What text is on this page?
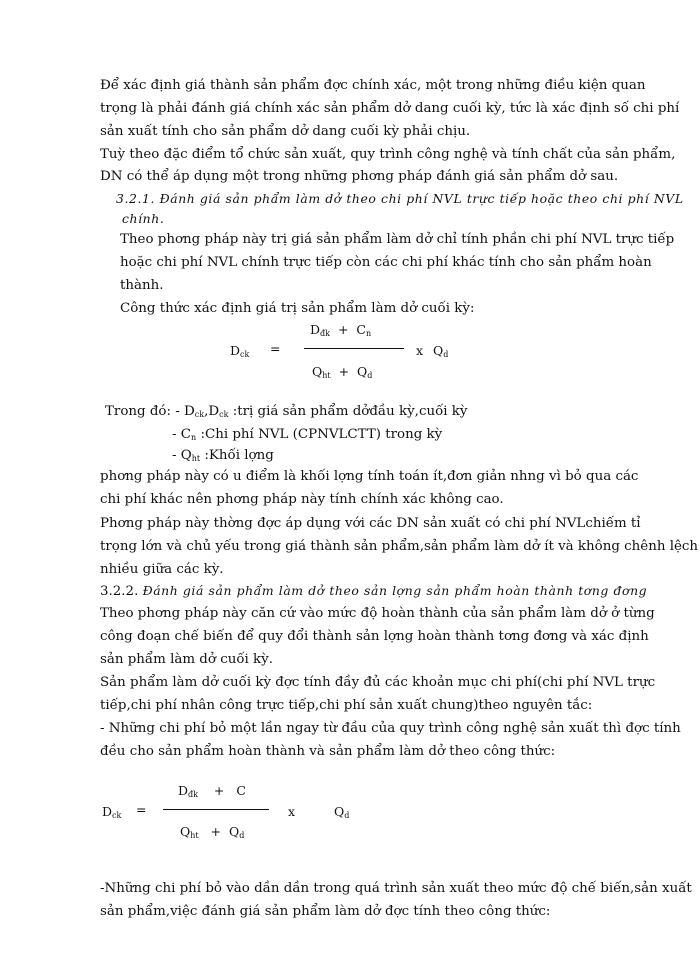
Để xác định giá thành sản phẩm đợc chính xác, một trong những điều kiện quan
trọng là phải đánh giá chính xác sản phẩm dở dang cuối kỳ, tức là xác định số chi phí
sản xuất tính cho sản phẩm dở dang cuối kỳ phải chịu.
Tuỳ theo đặc điểm tổ chức sản xuất, quy trình công nghệ và tính chất của sản phẩm,
DN có thể áp dụng một trong những phơng pháp đánh giá sản phẩm dở sau.
3.2.1. Đánh giá sản phẩm làm dở theo chi phí NVL trực tiếp hoặc theo chi phí NVL
chính.
Theo phơng pháp này trị giá sản phẩm làm dở chỉ tính phần chi phí NVL trực tiếp
hoặc chi phí NVL chính trực tiếp còn các chi phí khác tính cho sản phẩm hoàn
thành.
Công thức xác định giá trị sản phẩm làm dở cuối kỳ:
Dck =
Dđk + Cn
Qht + Qd
x Qd
Trong đó: - Dck,Dck :trị giá sản phẩm dởđầu kỳ,cuối kỳ
- Cn :Chi phí NVL (CPNVLCTT) trong kỳ
- Qht :Khối lợng
phơng pháp này có u điểm là khối lợng tính toán ít,đơn giản nhng vì bỏ qua các
chi phí khác nên phơng pháp này tính chính xác không cao.
Phơng pháp này thờng đợc áp dụng với các DN sản xuất có chi phí NVLchiếm tỉ
trọng lớn và chủ yếu trong giá thành sản phẩm,sản phẩm làm dở ít và không chênh lệch
nhiều giữa các kỳ.
3.2.2. Đánh giá sản phẩm làm dở theo sản lợng sản phẩm hoàn thành tơng đơng
Theo phơng pháp này căn cứ vào mức độ hoàn thành của sản phẩm làm dở ở từng
công đoạn chế biến để quy đổi thành sản lợng hoàn thành tơng đơng và xác định
sản phẩm làm dở cuối kỳ.
Sản phẩm làm dở cuối kỳ đợc tính đầy đủ các khoản mục chi phí(chi phí NVL trực
tiếp,chi phí nhân công trực tiếp,chi phí sản xuất chung)theo nguyên tắc:
- Những chi phí bỏ một lần ngay từ đầu của quy trình công nghệ sản xuất thì đợc tính
đều cho sản phẩm hoàn thành và sản phẩm làm dở theo công thức:
Dck =
Dđk + C
Qht + Qd
x	Qd
-Những chi phí bỏ vào dần dần trong quá trình sản xuất theo mức độ chế biến,sản xuất
sản phẩm,việc đánh giá sản phẩm làm dở đợc tính theo công thức:
